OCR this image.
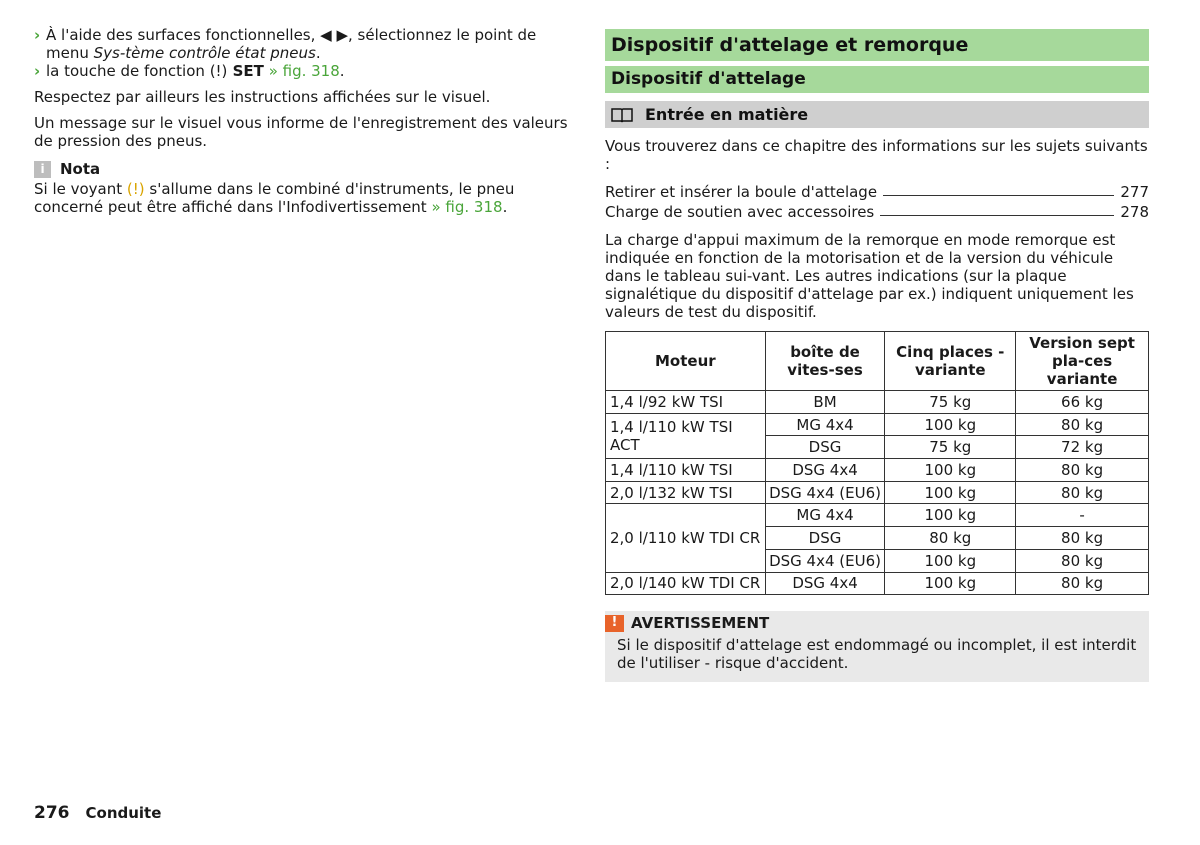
› À l'aide des surfaces fonctionnelles, ◀ ▶, sélectionnez le point de menu Sys-tème contrôle état pneus.
› la touche de fonction (!) SET » fig. 318.

Respectez par ailleurs les instructions affichées sur le visuel.

Un message sur le visuel vous informe de l'enregistrement des valeurs de pression des pneus.

i	Nota

Si le voyant (!) s'allume dans le combiné d'instruments, le pneu concerné peut être affiché dans l'Infodivertissement » fig. 318.

Dispositif d'attelage et remorque
Dispositif d'attelage
Entrée en matière

Vous trouverez dans ce chapitre des informations sur les sujets suivants :

Retirer et insérer la boule d'attelage	277
Charge de soutien avec accessoires	278

La charge d'appui maximum de la remorque en mode remorque est indiquée en fonction de la motorisation et de la version du véhicule dans le tableau sui-vant. Les autres indications (sur la plaque signalétique du dispositif d'attelage par ex.) indiquent uniquement les valeurs de test du dispositif.

Moteur	boîte de vites-ses	Cinq places - variante	Version sept pla-ces variante
1,4 l/92 kW TSI	BM	75 kg	66 kg
1,4 l/110 kW TSI ACT	MG 4x4	100 kg	80 kg
	DSG	75 kg	72 kg
1,4 l/110 kW TSI	DSG 4x4	100 kg	80 kg
2,0 l/132 kW TSI	DSG 4x4 (EU6)	100 kg	80 kg
2,0 l/110 kW TDI CR	MG 4x4	100 kg	-
	DSG	80 kg	80 kg
	DSG 4x4 (EU6)	100 kg	80 kg
2,0 l/140 kW TDI CR	DSG 4x4	100 kg	80 kg
! AVERTISSEMENT

Si le dispositif d'attelage est endommagé ou incomplet, il est interdit de l'utiliser - risque d'accident.

276 Conduite
